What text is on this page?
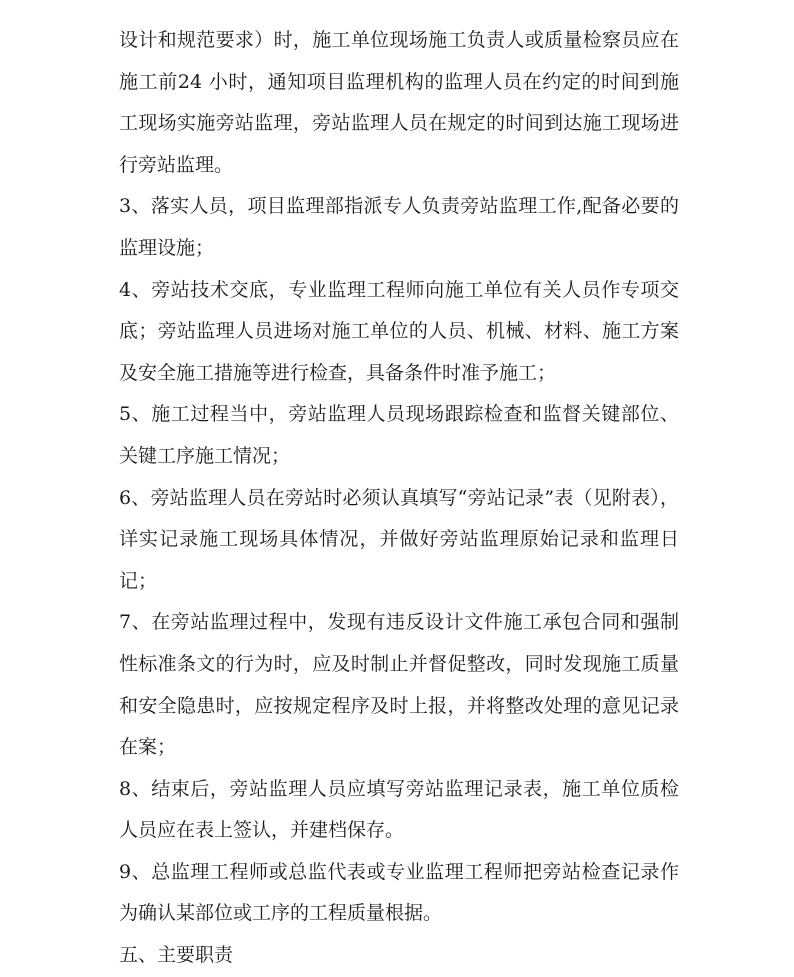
设计和规范要求）时，施工单位现场施工负责人或质量检察员应在施工前24 小时，通知项目监理机构的监理人员在约定的时间到施工现场实施旁站监理，旁站监理人员在规定的时间到达施工现场进行旁站监理。

3、落实人员，项目监理部指派专人负责旁站监理工作,配备必要的监理设施；

4、旁站技术交底，专业监理工程师向施工单位有关人员作专项交底；旁站监理人员进场对施工单位的人员、机械、材料、施工方案及安全施工措施等进行检查，具备条件时准予施工；

5、施工过程当中，旁站监理人员现场跟踪检查和监督关键部位、关键工序施工情况；

6、旁站监理人员在旁站时必须认真填写“旁站记录”表（见附表），详实记录施工现场具体情况，并做好旁站监理原始记录和监理日记；

7、在旁站监理过程中，发现有违反设计文件施工承包合同和强制性标准条文的行为时，应及时制止并督促整改，同时发现施工质量和安全隐患时，应按规定程序及时上报，并将整改处理的意见记录在案；

8、结束后，旁站监理人员应填写旁站监理记录表，施工单位质检人员应在表上签认，并建档保存。

9、总监理工程师或总监代表或专业监理工程师把旁站检查记录作为确认某部位或工序的工程质量根据。

五、主要职责
